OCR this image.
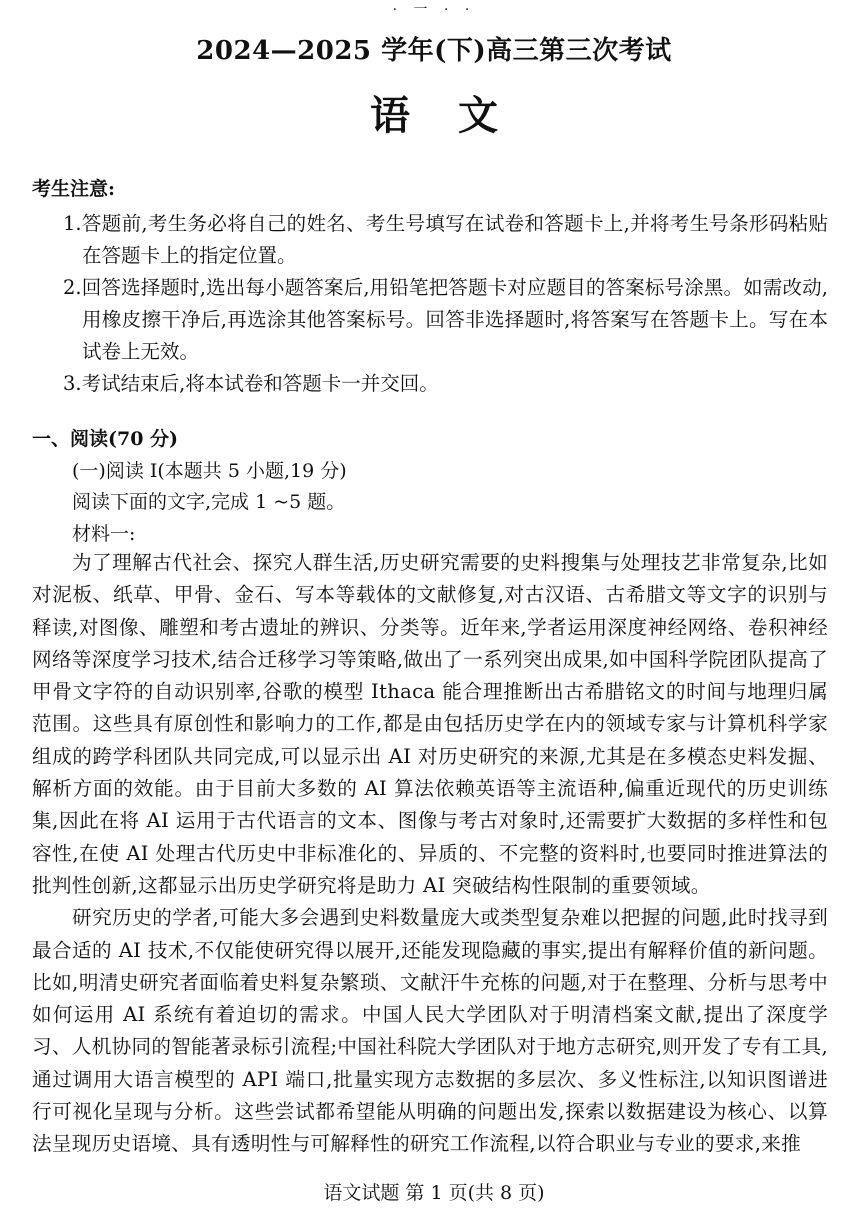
· 一 · ·
2024—2025 学年(下)高三第三次考试
语文
考生注意:

1.答题前,考生务必将自己的姓名、考生号填写在试卷和答题卡上,并将考生号条形码粘贴在答题卡上的指定位置。

2.回答选择题时,选出每小题答案后,用铅笔把答题卡对应题目的答案标号涂黑。如需改动,用橡皮擦干净后,再选涂其他答案标号。回答非选择题时,将答案写在答题卡上。写在本试卷上无效。

3.考试结束后,将本试卷和答题卡一并交回。

一、阅读(70 分)
(一)阅读 I(本题共 5 小题,19 分)
阅读下面的文字,完成 1 ~5 题。
材料一:

为了理解古代社会、探究人群生活,历史研究需要的史料搜集与处理技艺非常复杂,比如对泥板、纸草、甲骨、金石、写本等载体的文献修复,对古汉语、古希腊文等文字的识别与释读,对图像、雕塑和考古遗址的辨识、分类等。近年来,学者运用深度神经网络、卷积神经网络等深度学习技术,结合迁移学习等策略,做出了一系列突出成果,如中国科学院团队提高了甲骨文字符的自动识别率,谷歌的模型 Ithaca 能合理推断出古希腊铭文的时间与地理归属范围。这些具有原创性和影响力的工作,都是由包括历史学在内的领域专家与计算机科学家组成的跨学科团队共同完成,可以显示出 AI 对历史研究的来源,尤其是在多模态史料发掘、解析方面的效能。由于目前大多数的 AI 算法依赖英语等主流语种,偏重近现代的历史训练集,因此在将 AI 运用于古代语言的文本、图像与考古对象时,还需要扩大数据的多样性和包容性,在使 AI 处理古代历史中非标准化的、异质的、不完整的资料时,也要同时推进算法的批判性创新,这都显示出历史学研究将是助力 AI 突破结构性限制的重要领域。

研究历史的学者,可能大多会遇到史料数量庞大或类型复杂难以把握的问题,此时找寻到最合适的 AI 技术,不仅能使研究得以展开,还能发现隐藏的事实,提出有解释价值的新问题。比如,明清史研究者面临着史料复杂繁琐、文献汗牛充栋的问题,对于在整理、分析与思考中如何运用 AI 系统有着迫切的需求。中国人民大学团队对于明清档案文献,提出了深度学习、人机协同的智能著录标引流程;中国社科院大学团队对于地方志研究,则开发了专有工具,通过调用大语言模型的 API 端口,批量实现方志数据的多层次、多义性标注,以知识图谱进行可视化呈现与分析。这些尝试都希望能从明确的问题出发,探索以数据建设为核心、以算法呈现历史语境、具有透明性与可解释性的研究工作流程,以符合职业与专业的要求,来推

语文试题 第 1 页(共 8 页)
